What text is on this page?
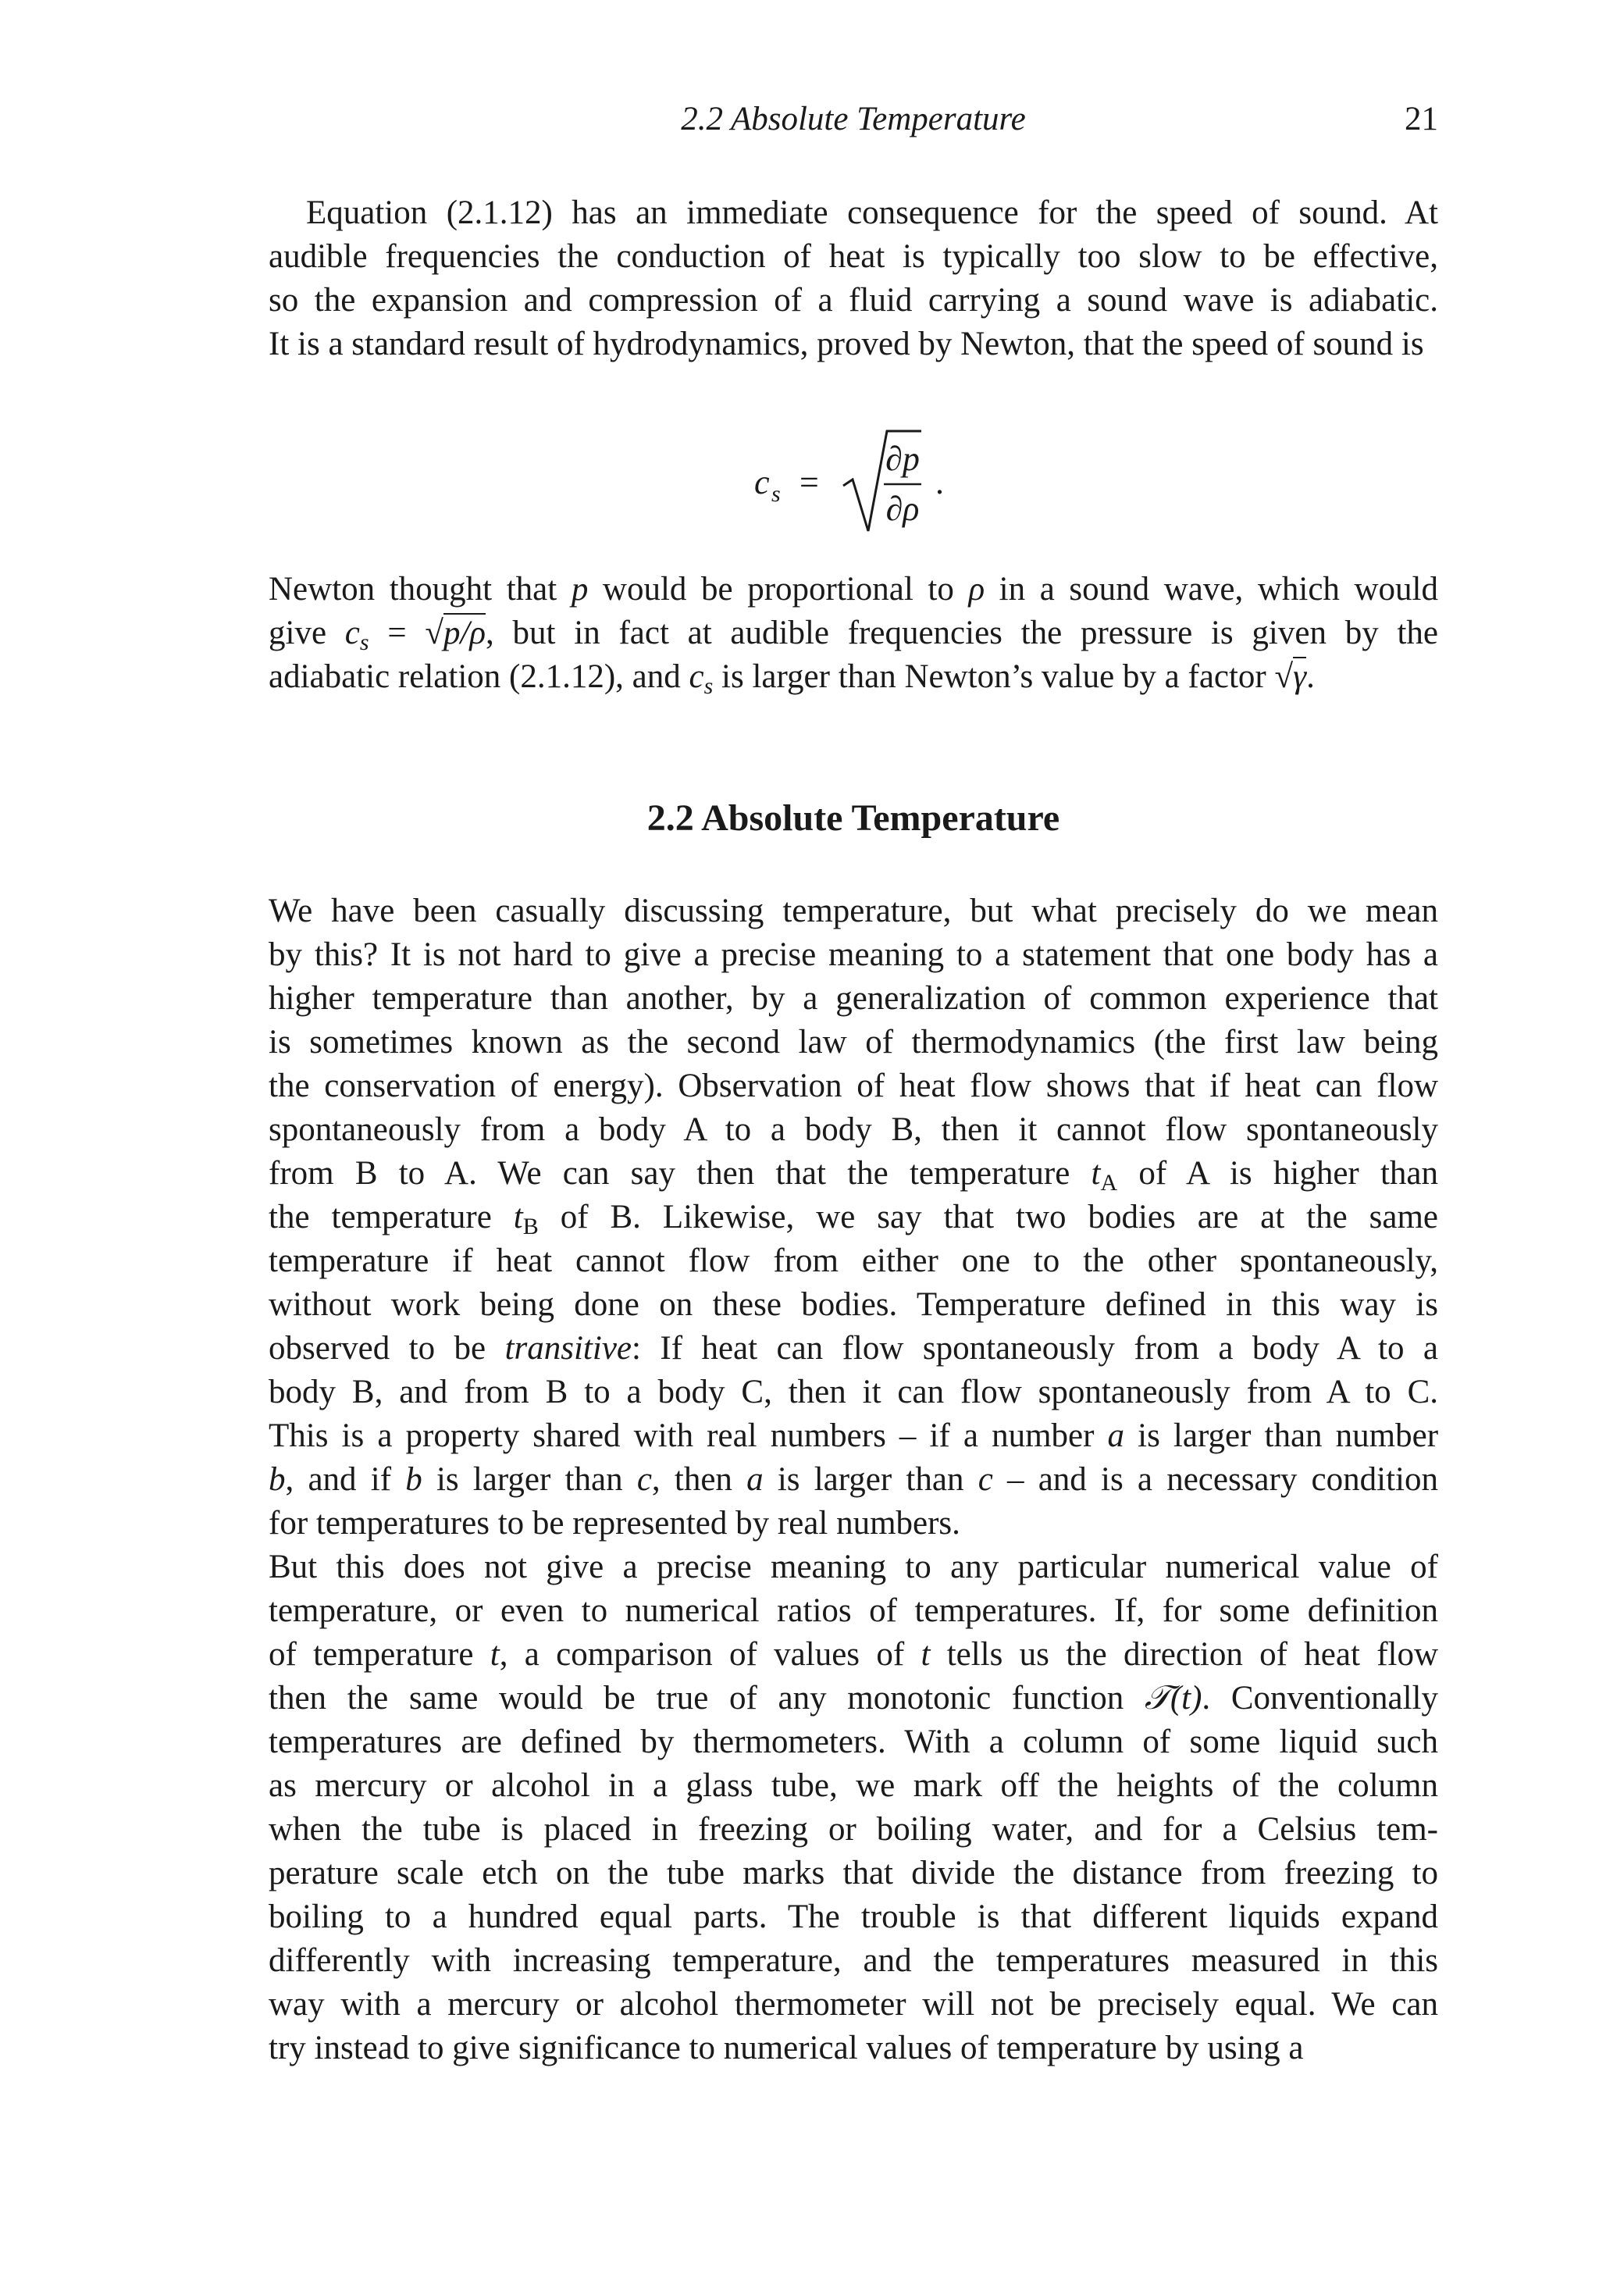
2.2 Absolute Temperature	21
Equation (2.1.12) has an immediate consequence for the speed of sound. At audible frequencies the conduction of heat is typically too slow to be effective, so the expansion and compression of a fluid carrying a sound wave is adiabatic. It is a standard result of hydrodynamics, proved by Newton, that the speed of sound is
c s =
∂p
∂ρ
.
Newton thought that p would be proportional to ρ in a sound wave, which would give $c_s = √p/\rho$, but in fact at audible frequencies the pressure is given by the adiabatic relation (2.1.12), and $c_s$ is larger than Newton’s value by a factor √γ.
2.2 Absolute Temperature
We have been casually discussing temperature, but what precisely do we mean by this? It is not hard to give a precise meaning to a statement that one body has a higher temperature than another, by a generalization of common experience that is sometimes known as the second law of thermodynamics (the first law being the conservation of energy). Observation of heat flow shows that if heat can flow spontaneously from a body A to a body B, then it cannot flow spontaneously from B to A. We can say then that the temperature $t_A$ of A is higher than the temperature $t_B$ of B. Likewise, we say that two bodies are at the same temperature if heat cannot flow from either one to the other spontaneously, without work being done on these bodies. Temperature defined in this way is observed to be transitive: If heat can flow spontaneously from a body A to a body B, and from B to a body C, then it can flow spontaneously from A to C. This is a property shared with real numbers – if a number a is larger than number b, and if b is larger than c, then a is larger than c – and is a necessary condition for temperatures to be represented by real numbers.
But this does not give a precise meaning to any particular numerical value of temperature, or even to numerical ratios of temperatures. If, for some definition of temperature t, a comparison of values of t tells us the direction of heat flow then the same would be true of any monotonic function 𝒯(t). Conventionally temperatures are defined by thermometers. With a column of some liquid such as mercury or alcohol in a glass tube, we mark off the heights of the column when the tube is placed in freezing or boiling water, and for a Celsius tem- perature scale etch on the tube marks that divide the distance from freezing to boiling to a hundred equal parts. The trouble is that different liquids expand differently with increasing temperature, and the temperatures measured in this way with a mercury or alcohol thermometer will not be precisely equal. We can try instead to give significance to numerical values of temperature by using a
